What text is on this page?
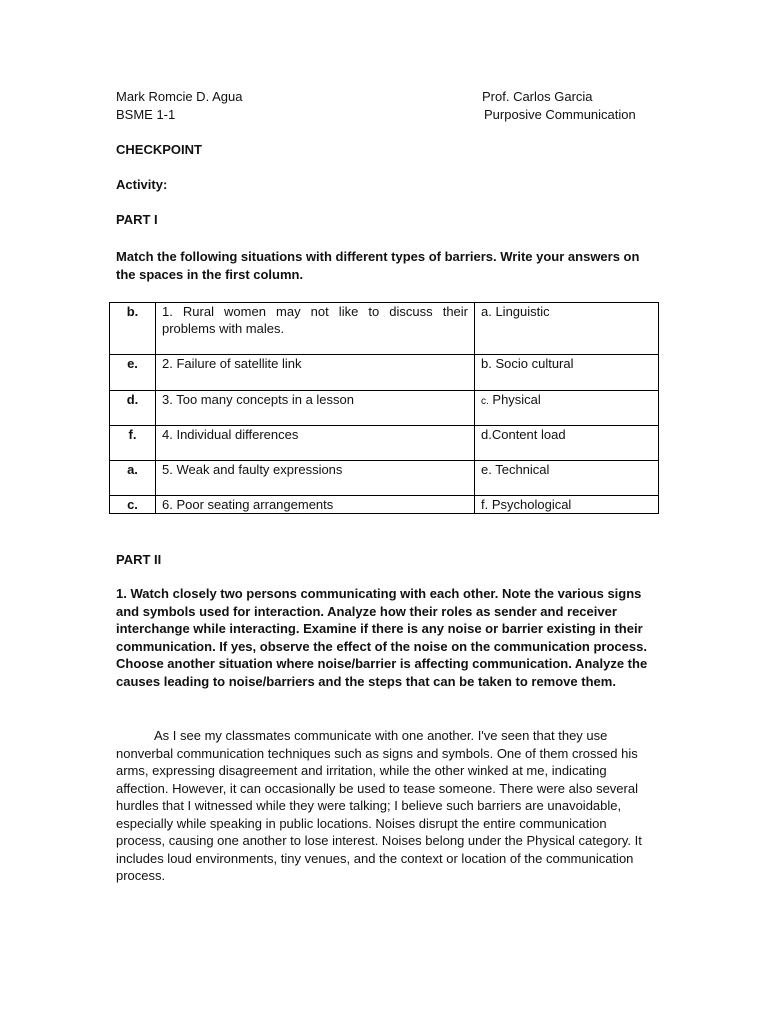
Mark Romcie D. Agua
BSME 1-1
Prof. Carlos Garcia
Purposive Communication
CHECKPOINT
Activity:
PART I
Match the following situations with different types of barriers. Write your answers on the spaces in the first column.
b.	1. Rural women may not like to discuss their problems with males.	a. Linguistic
e.	2. Failure of satellite link	b. Socio cultural
d.	3. Too many concepts in a lesson	c. Physical
f.	4. Individual differences	d.Content load
a.	5. Weak and faulty expressions	e. Technical
c.	6. Poor seating arrangements	f. Psychological
PART II
1. Watch closely two persons communicating with each other. Note the various signs and symbols used for interaction. Analyze how their roles as sender and receiver interchange while interacting. Examine if there is any noise or barrier existing in their communication. If yes, observe the effect of the noise on the communication process. Choose another situation where noise/barrier is affecting communication. Analyze the causes leading to noise/barriers and the steps that can be taken to remove them.
As I see my classmates communicate with one another. I've seen that they use nonverbal communication techniques such as signs and symbols. One of them crossed his arms, expressing disagreement and irritation, while the other winked at me, indicating affection. However, it can occasionally be used to tease someone. There were also several hurdles that I witnessed while they were talking; I believe such barriers are unavoidable, especially while speaking in public locations. Noises disrupt the entire communication process, causing one another to lose interest. Noises belong under the Physical category. It includes loud environments, tiny venues, and the context or location of the communication process.
